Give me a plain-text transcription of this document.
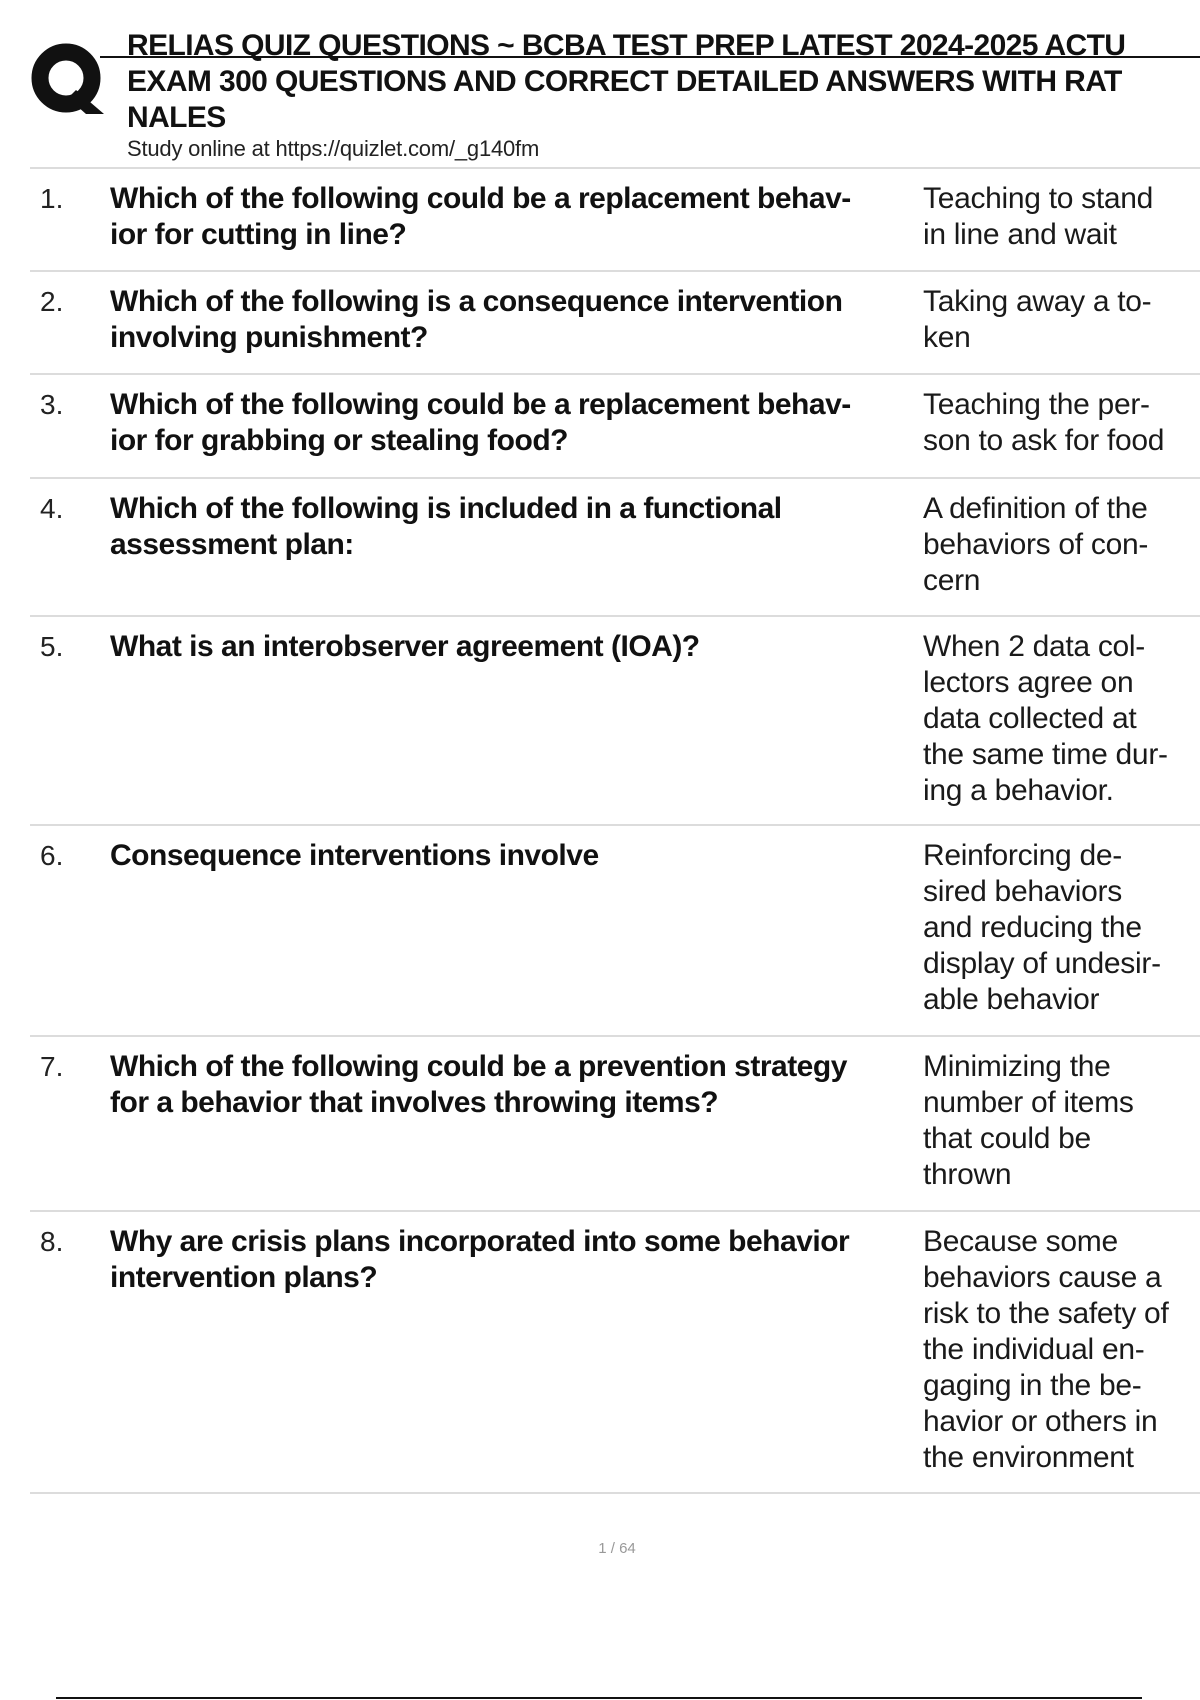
RELIAS QUIZ QUESTIONS ~ BCBA TEST PREP LATEST 2024-2025 ACTU
EXAM 300 QUESTIONS AND CORRECT DETAILED ANSWERS WITH RAT
NALES
Study online at https://quizlet.com/_g140fm
1. Which of the following could be a replacement behav-
ior for cutting in line?
Teaching to stand
in line and wait
2. Which of the following is a consequence intervention
involving punishment?
Taking away a to-
ken
3. Which of the following could be a replacement behav-
ior for grabbing or stealing food?
Teaching the per-
son to ask for food
4. Which of the following is included in a functional
assessment plan:
A definition of the
behaviors of con-
cern
5. What is an interobserver agreement (IOA)?	When 2 data col-
lectors agree on
data collected at
the same time dur-
ing a behavior.
6. Consequence interventions involve	Reinforcing de-
sired behaviors
and reducing the
display of undesir-
able behavior
7. Which of the following could be a prevention strategy
for a behavior that involves throwing items?
Minimizing the
number of items
that could be
thrown
8. Why are crisis plans incorporated into some behavior
intervention plans?
Because some
behaviors cause a
risk to the safety of
the individual en-
gaging in the be-
havior or others in
the environment
1 / 64
